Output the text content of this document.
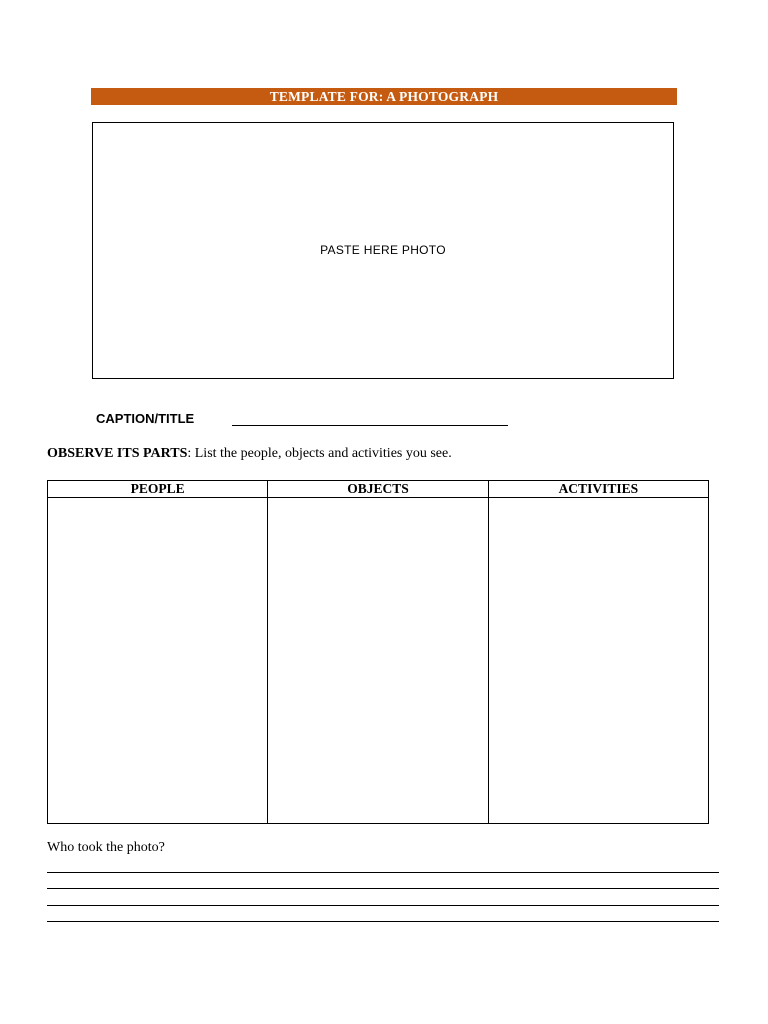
TEMPLATE FOR: A PHOTOGRAPH
PASTE HERE PHOTO
CAPTION/TITLE
OBSERVE ITS PARTS: List the people, objects and activities you see.
PEOPLE	OBJECTS	ACTIVITIES

Who took the photo?
